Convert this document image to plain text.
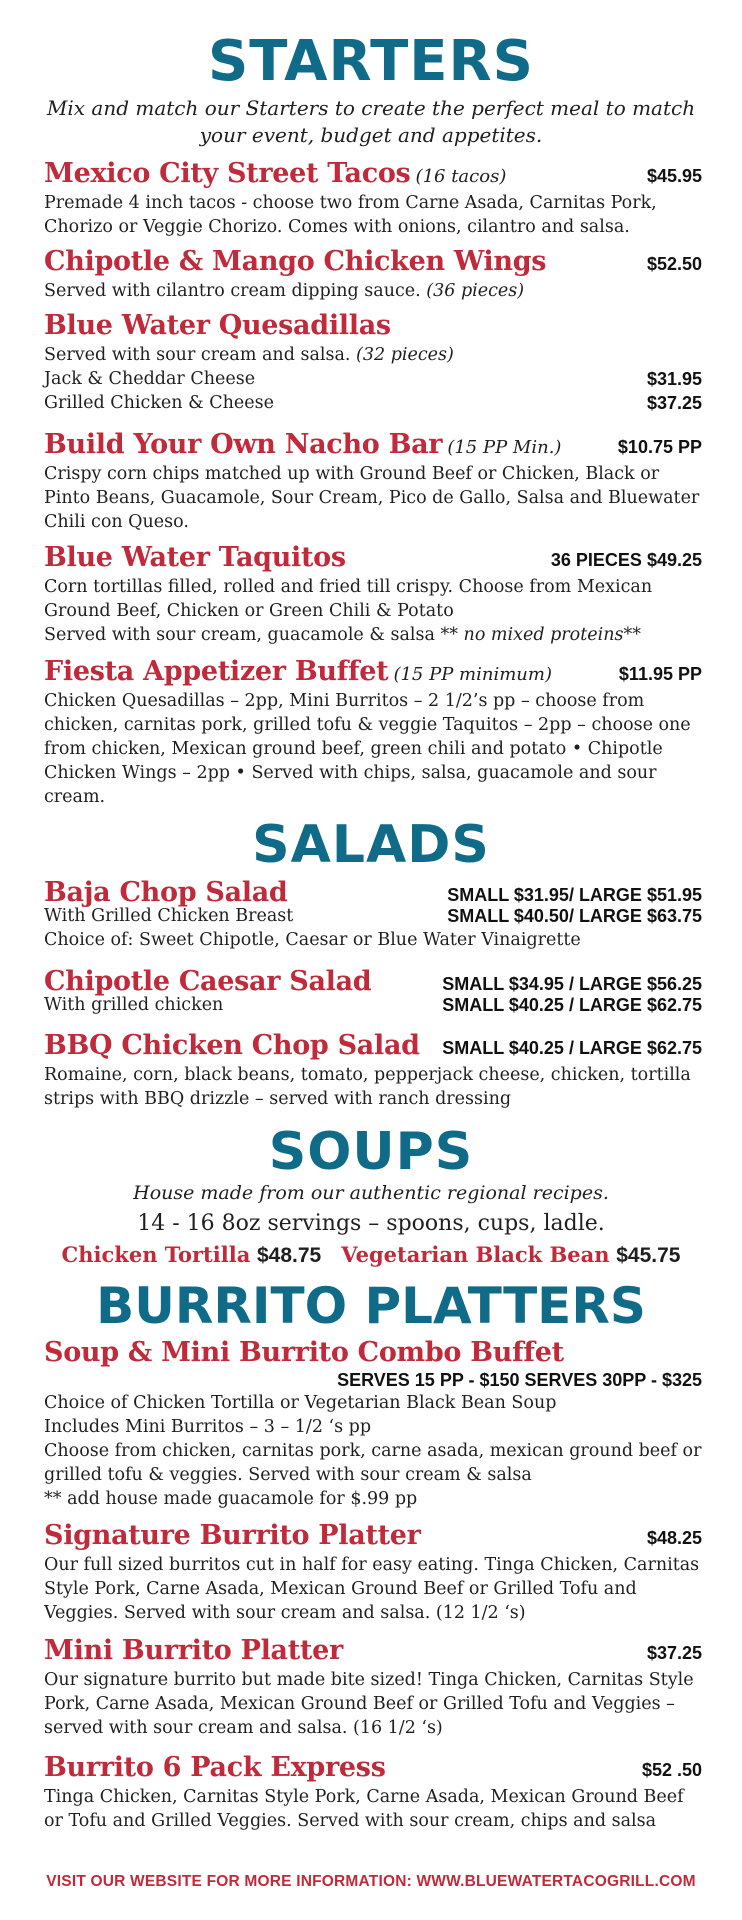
STARTERS

Mix and match our Starters to create the perfect meal to match your event, budget and appetites.

Mexico City Street Tacos (16 tacos)	$45.95

Premade 4 inch tacos - choose two from Carne Asada, Carnitas Pork, Chorizo or Veggie Chorizo. Comes with onions, cilantro and salsa.

Chipotle & Mango Chicken Wings	$52.50

Served with cilantro cream dipping sauce. (36 pieces)

Blue Water Quesadillas

Served with sour cream and salsa. (32 pieces)

Jack & Cheddar Cheese	$31.95
Grilled Chicken & Cheese	$37.25
Build Your Own Nacho Bar (15 PP Min.)	$10.75 PP

Crispy corn chips matched up with Ground Beef or Chicken, Black or Pinto Beans, Guacamole, Sour Cream, Pico de Gallo, Salsa and Bluewater Chili con Queso.

Blue Water Taquitos	36 PIECES $49.25

Corn tortillas filled, rolled and fried till crispy. Choose from Mexican Ground Beef, Chicken or Green Chili & Potato

Served with sour cream, guacamole & salsa ** no mixed proteins**

Fiesta Appetizer Buffet (15 PP minimum)	$11.95 PP

Chicken Quesadillas – 2pp, Mini Burritos – 2 1/2’s pp – choose from chicken, carnitas pork, grilled tofu & veggie Taquitos – 2pp – choose one from chicken, Mexican ground beef, green chili and potato • Chipotle Chicken Wings – 2pp • Served with chips, salsa, guacamole and sour cream.

SALADS
Baja Chop Salad	SMALL $31.95/ LARGE $51.95
With Grilled Chicken Breast	SMALL $40.50/ LARGE $63.75

Choice of: Sweet Chipotle, Caesar or Blue Water Vinaigrette

Chipotle Caesar Salad	SMALL $34.95 / LARGE $56.25
With grilled chicken	SMALL $40.25 / LARGE $62.75
BBQ Chicken Chop Salad SMALL $40.25 / LARGE $62.75

Romaine, corn, black beans, tomato, pepperjack cheese, chicken, tortilla strips with BBQ drizzle – served with ranch dressing

SOUPS

House made from our authentic regional recipes.

14 - 16 8oz servings – spoons, cups, ladle.
Chicken Tortilla $48.75 Vegetarian Black Bean $45.75
BURRITO PLATTERS
Soup & Mini Burrito Combo Buffet
SERVES 15 PP - $150 SERVES 30PP - $325

Choice of Chicken Tortilla or Vegetarian Black Bean Soup

Includes Mini Burritos – 3 – 1/2 ‘s pp

Choose from chicken, carnitas pork, carne asada, mexican ground beef or grilled tofu & veggies. Served with sour cream & salsa

** add house made guacamole for $.99 pp

Signature Burrito Platter	$48.25

Our full sized burritos cut in half for easy eating. Tinga Chicken, Carnitas Style Pork, Carne Asada, Mexican Ground Beef or Grilled Tofu and Veggies. Served with sour cream and salsa. (12 1/2 ‘s)

Mini Burrito Platter	$37.25

Our signature burrito but made bite sized! Tinga Chicken, Carnitas Style Pork, Carne Asada, Mexican Ground Beef or Grilled Tofu and Veggies – served with sour cream and salsa. (16 1/2 ‘s)

Burrito 6 Pack Express	$52 .50

Tinga Chicken, Carnitas Style Pork, Carne Asada, Mexican Ground Beef or Tofu and Grilled Veggies. Served with sour cream, chips and salsa

VISIT OUR WEBSITE FOR MORE INFORMATION: WWW.BLUEWATERTACOGRILL.COM
